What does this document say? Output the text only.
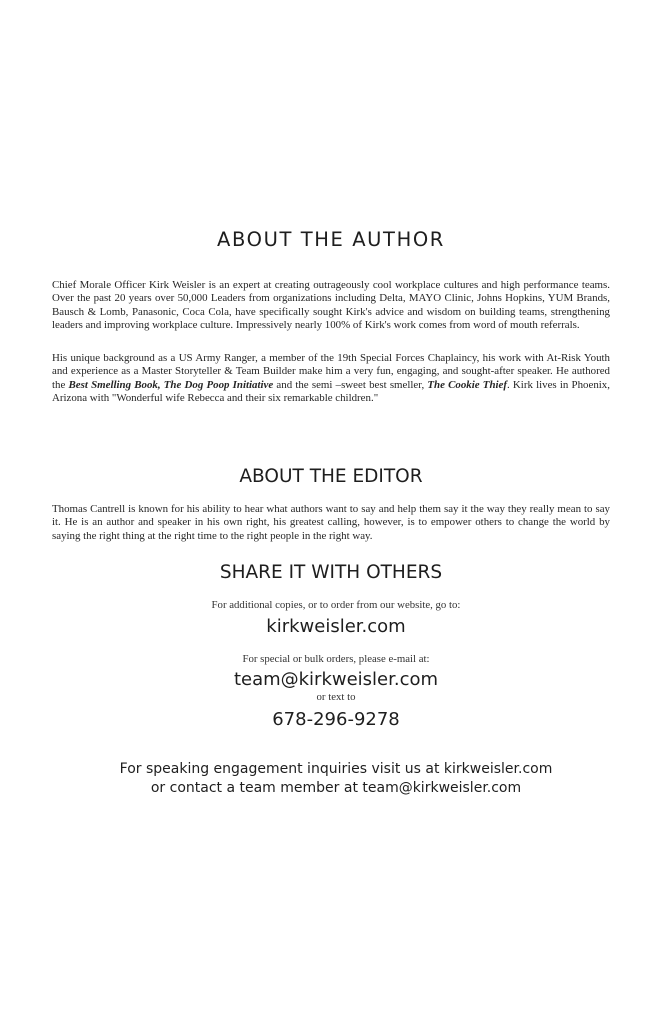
ABOUT THE AUTHOR

Chief Morale Officer Kirk Weisler is an expert at creating outrageously cool workplace cultures and high performance teams. Over the past 20 years over 50,000 Leaders from organizations including Delta, MAYO Clinic, Johns Hopkins, YUM Brands, Bausch & Lomb, Panasonic, Coca Cola, have specifically sought Kirk's advice and wisdom on building teams, strengthening leaders and improving workplace culture. Impressively nearly 100% of Kirk's work comes from word of mouth referrals.

His unique background as a US Army Ranger, a member of the 19th Special Forces Chaplaincy, his work with At-Risk Youth and experience as a Master Storyteller & Team Builder make him a very fun, engaging, and sought-after speaker. He authored the Best Smelling Book, The Dog Poop Initiative and the semi –sweet best smeller, The Cookie Thief. Kirk lives in Phoenix, Arizona with "Wonderful wife Rebecca and their six remarkable children."

ABOUT THE EDITOR

Thomas Cantrell is known for his ability to hear what authors want to say and help them say it the way they really mean to say it. He is an author and speaker in his own right, his greatest calling, however, is to empower others to change the world by saying the right thing at the right time to the right people in the right way.

SHARE IT WITH OTHERS
For additional copies, or to order from our website, go to:
kirkweisler.com
For special or bulk orders, please e-mail at:
team@kirkweisler.com
or text to
678-296-9278
For speaking engagement inquiries visit us at kirkweisler.com
or contact a team member at team@kirkweisler.com
